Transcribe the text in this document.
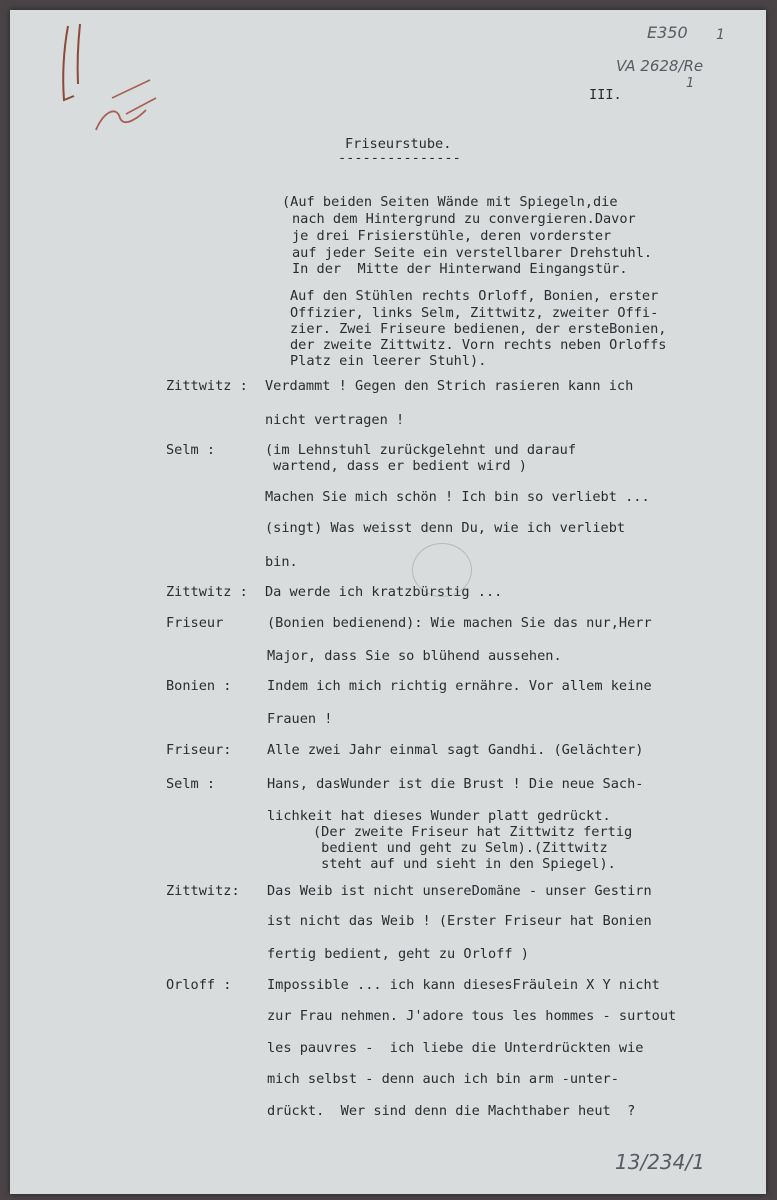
E350 1
VA 2628/Re
1
13/234/1
III.
Friseurstube.
---------------
(Auf beiden Seiten Wände mit Spiegeln,die
nach dem Hintergrund zu convergieren.Davor
je drei Frisierstühle, deren vorderster
auf jeder Seite ein verstellbarer Drehstuhl.
In der  Mitte der Hinterwand Eingangstür.
Auf den Stühlen rechts Orloff, Bonien, erster
Offizier, links Selm, Zittwitz, zweiter Offi-
zier. Zwei Friseure bedienen, der ersteBonien,
der zweite Zittwitz. Vorn rechts neben Orloffs
Platz ein leerer Stuhl).
Zittwitz :
Selm :
Zittwitz :
Friseur
Bonien :
Friseur:
Selm :
Zittwitz:
Orloff :
Verdammt ! Gegen den Strich rasieren kann ich
nicht vertragen !
(im Lehnstuhl zurückgelehnt und darauf
wartend, dass er bedient wird )
Machen Sie mich schön ! Ich bin so verliebt ...
(singt) Was weisst denn Du, wie ich verliebt
bin.
Da werde ich kratzbürstig ...
(Bonien bedienend): Wie machen Sie das nur,Herr
Major, dass Sie so blühend aussehen.
Indem ich mich richtig ernähre. Vor allem keine
Frauen !
Alle zwei Jahr einmal sagt Gandhi. (Gelächter)
Hans, dasWunder ist die Brust ! Die neue Sach-
lichkeit hat dieses Wunder platt gedrückt.
(Der zweite Friseur hat Zittwitz fertig
bedient und geht zu Selm).(Zittwitz
steht auf und sieht in den Spiegel).
Das Weib ist nicht unsereDomäne - unser Gestirn
ist nicht das Weib ! (Erster Friseur hat Bonien
fertig bedient, geht zu Orloff )
Impossible ... ich kann diesesFräulein X Y nicht
zur Frau nehmen. J'adore tous les hommes - surtout
les pauvres -  ich liebe die Unterdrückten wie
mich selbst - denn auch ich bin arm -unter-
drückt.  Wer sind denn die Machthaber heut  ?
